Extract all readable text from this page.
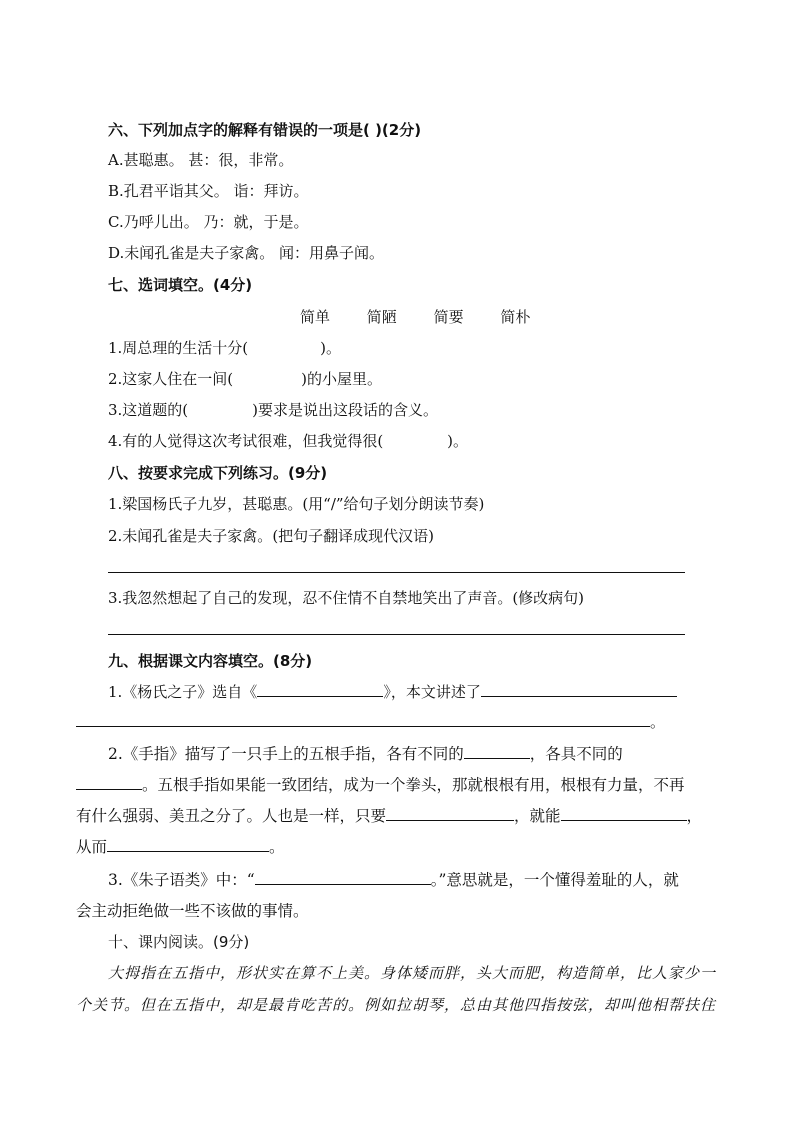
六、下列加点字的解释有错误的一项是( )(2分)
A.甚聪惠。 甚：很，非常。
B.孔君平诣其父。 诣：拜访。
C.乃呼儿出。 乃：就，于是。
D.未闻孔雀是夫子家禽。 闻：用鼻子闻。
七、选词填空。(4分)
简单 简陋 简要 简朴
1.周总理的生活十分(	)。
2.这家人住在一间(	)的小屋里。
3.这道题的(	)要求是说出这段话的含义。
4.有的人觉得这次考试很难，但我觉得很(	)。
八、按要求完成下列练习。(9分)
1.梁国杨氏子九岁，甚聪惠。(用“/”给句子划分朗读节奏)
2.未闻孔雀是夫子家禽。(把句子翻译成现代汉语)
3.我忽然想起了自己的发现，忍不住情不自禁地笑出了声音。(修改病句)
九、根据课文内容填空。(8分)
1.《杨氏之子》选自《	》，本文讲述了
。
2.《手指》描写了一只手上的五根手指，各有不同的	，各具不同的
。五根手指如果能一致团结，成为一个拳头，那就根根有用，根根有力量，不再
有什么强弱、美丑之分了。人也是一样，只要	，就能	，
从而	。
3.《朱子语类》中：“	。”意思就是，一个懂得羞耻的人，就
会主动拒绝做一些不该做的事情。
十、课内阅读。(9分)
大拇指在五指中，形状实在算不上美。身体矮而胖，头大而肥，构造简单，比人家少一
个关节。但在五指中，却是最肯吃苦的。例如拉胡琴，总由其他四指按弦，却叫他相帮扶住
